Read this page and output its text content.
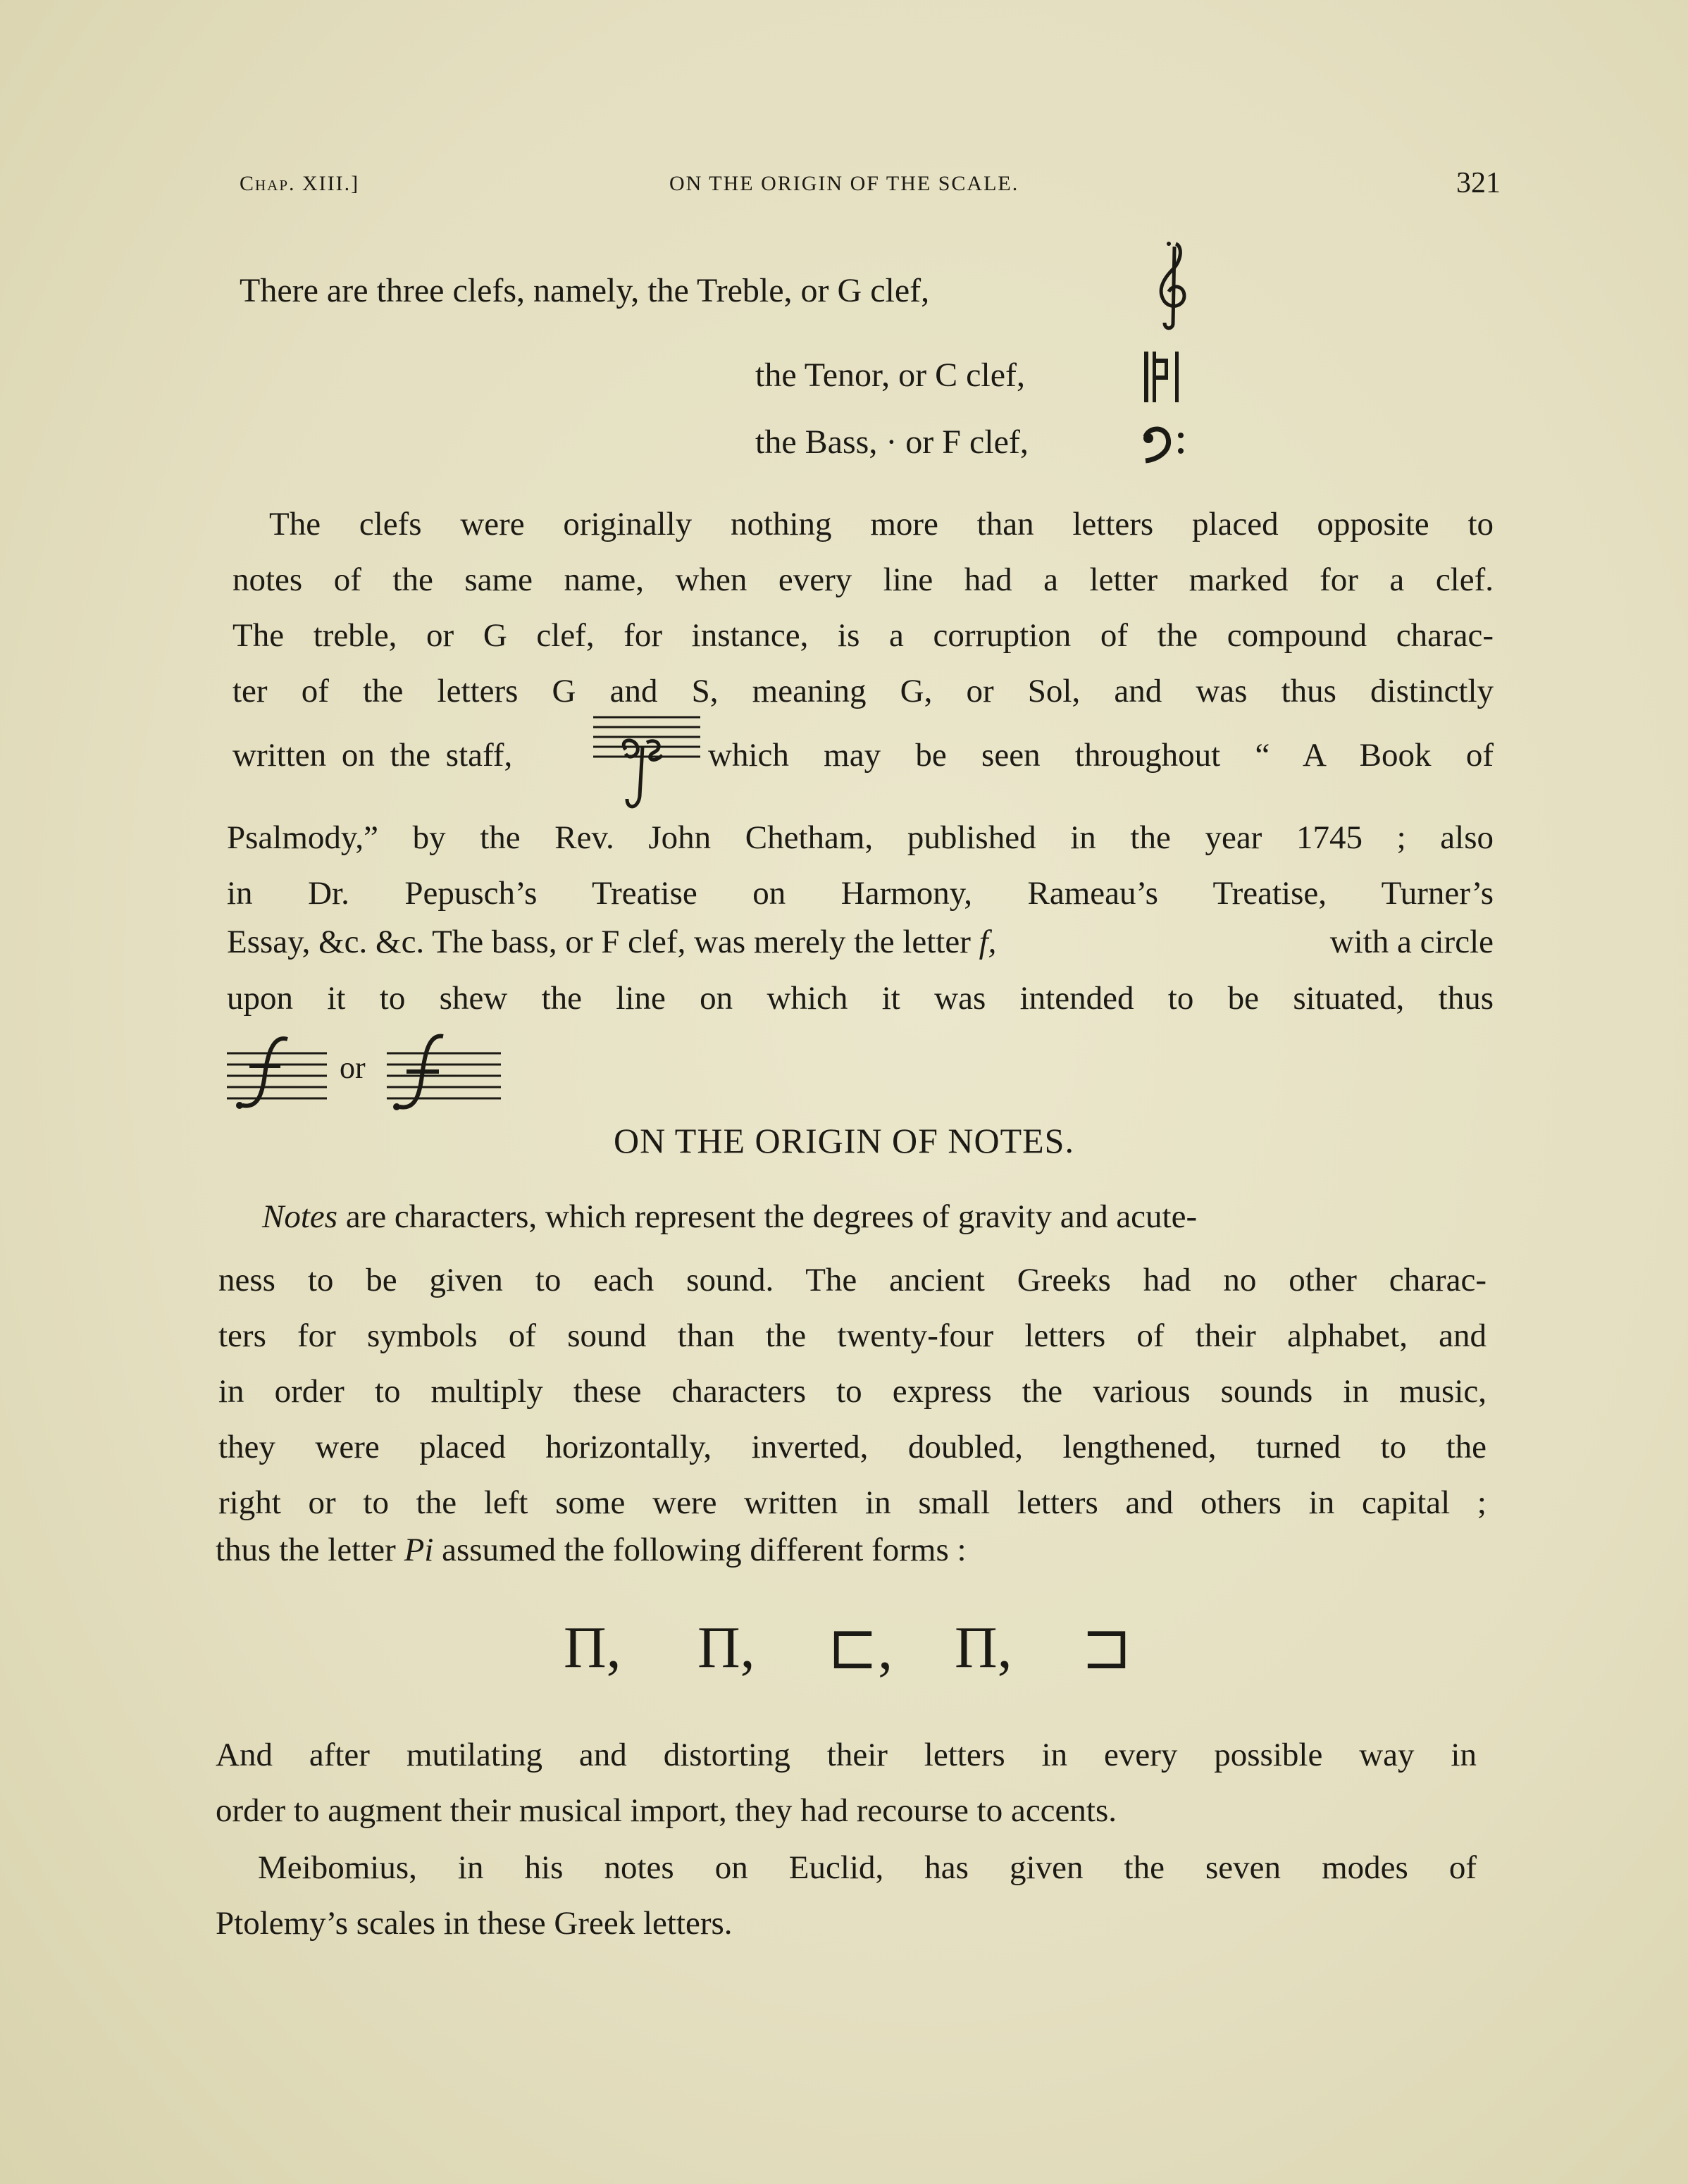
Chap. XIII.]	ON THE ORIGIN OF THE SCALE.	321
There are three clefs, namely, the Treble, or G clef,
the Tenor, or C clef,
the Bass, · or F clef,
The clefs were originally nothing more than letters placed opposite to
notes of the same name, when every line had a letter marked for a clef.
The treble, or G clef, for instance, is a corruption of the compound charac-
ter of the letters G and S, meaning G, or Sol, and was thus distinctly
written on the staff,	which may be seen throughout “ A Book of
Psalmody,” by the Rev. John Chetham, published in the year 1745 ; also
in Dr. Pepusch’s Treatise on Harmony, Rameau’s Treatise, Turner’s
Essay, &c. &c. The bass, or F clef, was merely the letter f,	with a circle
upon it to shew the line on which it was intended to be situated, thus
or
ON THE ORIGIN OF NOTES.
Notes are characters, which represent the degrees of gravity and acute-
ness to be given to each sound. The ancient Greeks had no other charac-
ters for symbols of sound than the twenty-four letters of their alphabet, and
in order to multiply these characters to express the various sounds in music,
they were placed horizontally, inverted, doubled, lengthened, turned to the
right or to the left some were written in small letters and others in capital ;
thus the letter Pi assumed the following different forms :
Π, Π, ⊏, Π, ⊐
And after mutilating and distorting their letters in every possible way in
order to augment their musical import, they had recourse to accents.
Meibomius, in his notes on Euclid, has given the seven modes of
Ptolemy’s scales in these Greek letters.
